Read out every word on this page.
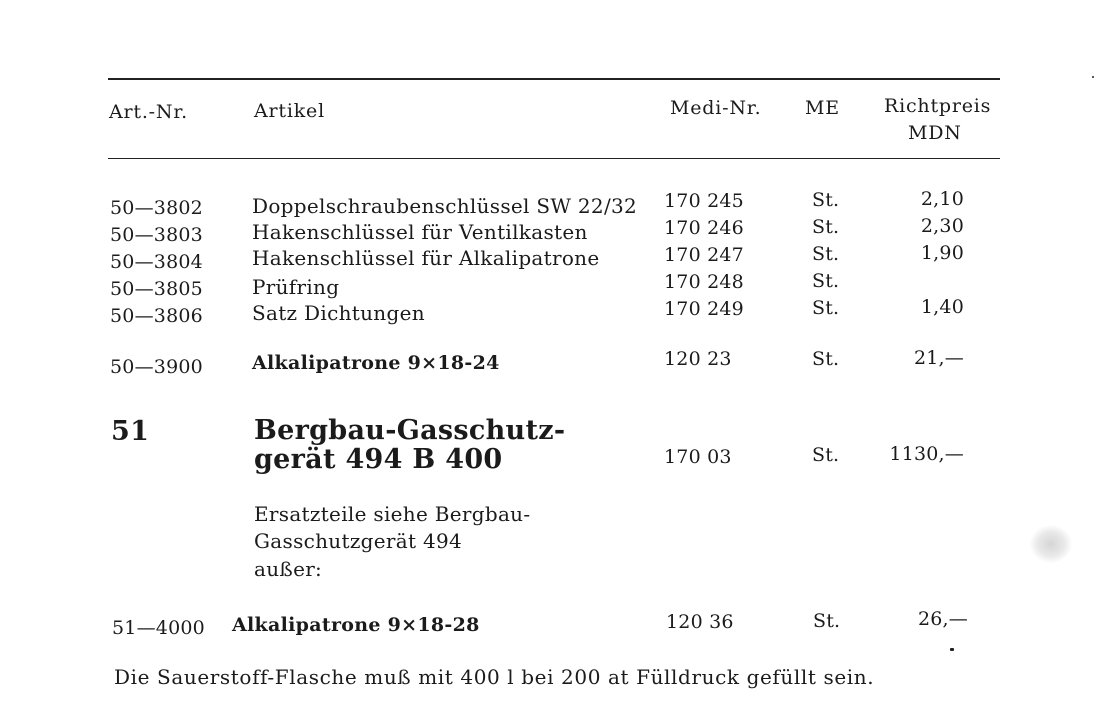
Art.-Nr.	Artikel	Medi-Nr. ME Richtpreis
MDN
50—3802 Doppelschraubenschlüssel SW 22/32 170 245	St.	2,10
50—3803 Hakenschlüssel für Ventilkasten	170 246	St.	2,30
50—3804 Hakenschlüssel für Alkalipatrone	170 247	St.	1,90
50—3805 Prüfring	170 248	St.
50—3806 Satz Dichtungen	170 249	St.	1,40
50—3900	Alkalipatrone 9×18-24	120 23	St.	21,—
51	Bergbau-Gasschutz-
gerät 494 B 400	170 03	St.	1130,—
Ersatzteile siehe Bergbau-
Gasschutzgerät 494
außer:
51—4000 Alkalipatrone 9×18-28	120 36	St.	26,—
Die Sauerstoff-Flasche muß mit 400 l bei 200 at Fülldruck gefüllt sein.
